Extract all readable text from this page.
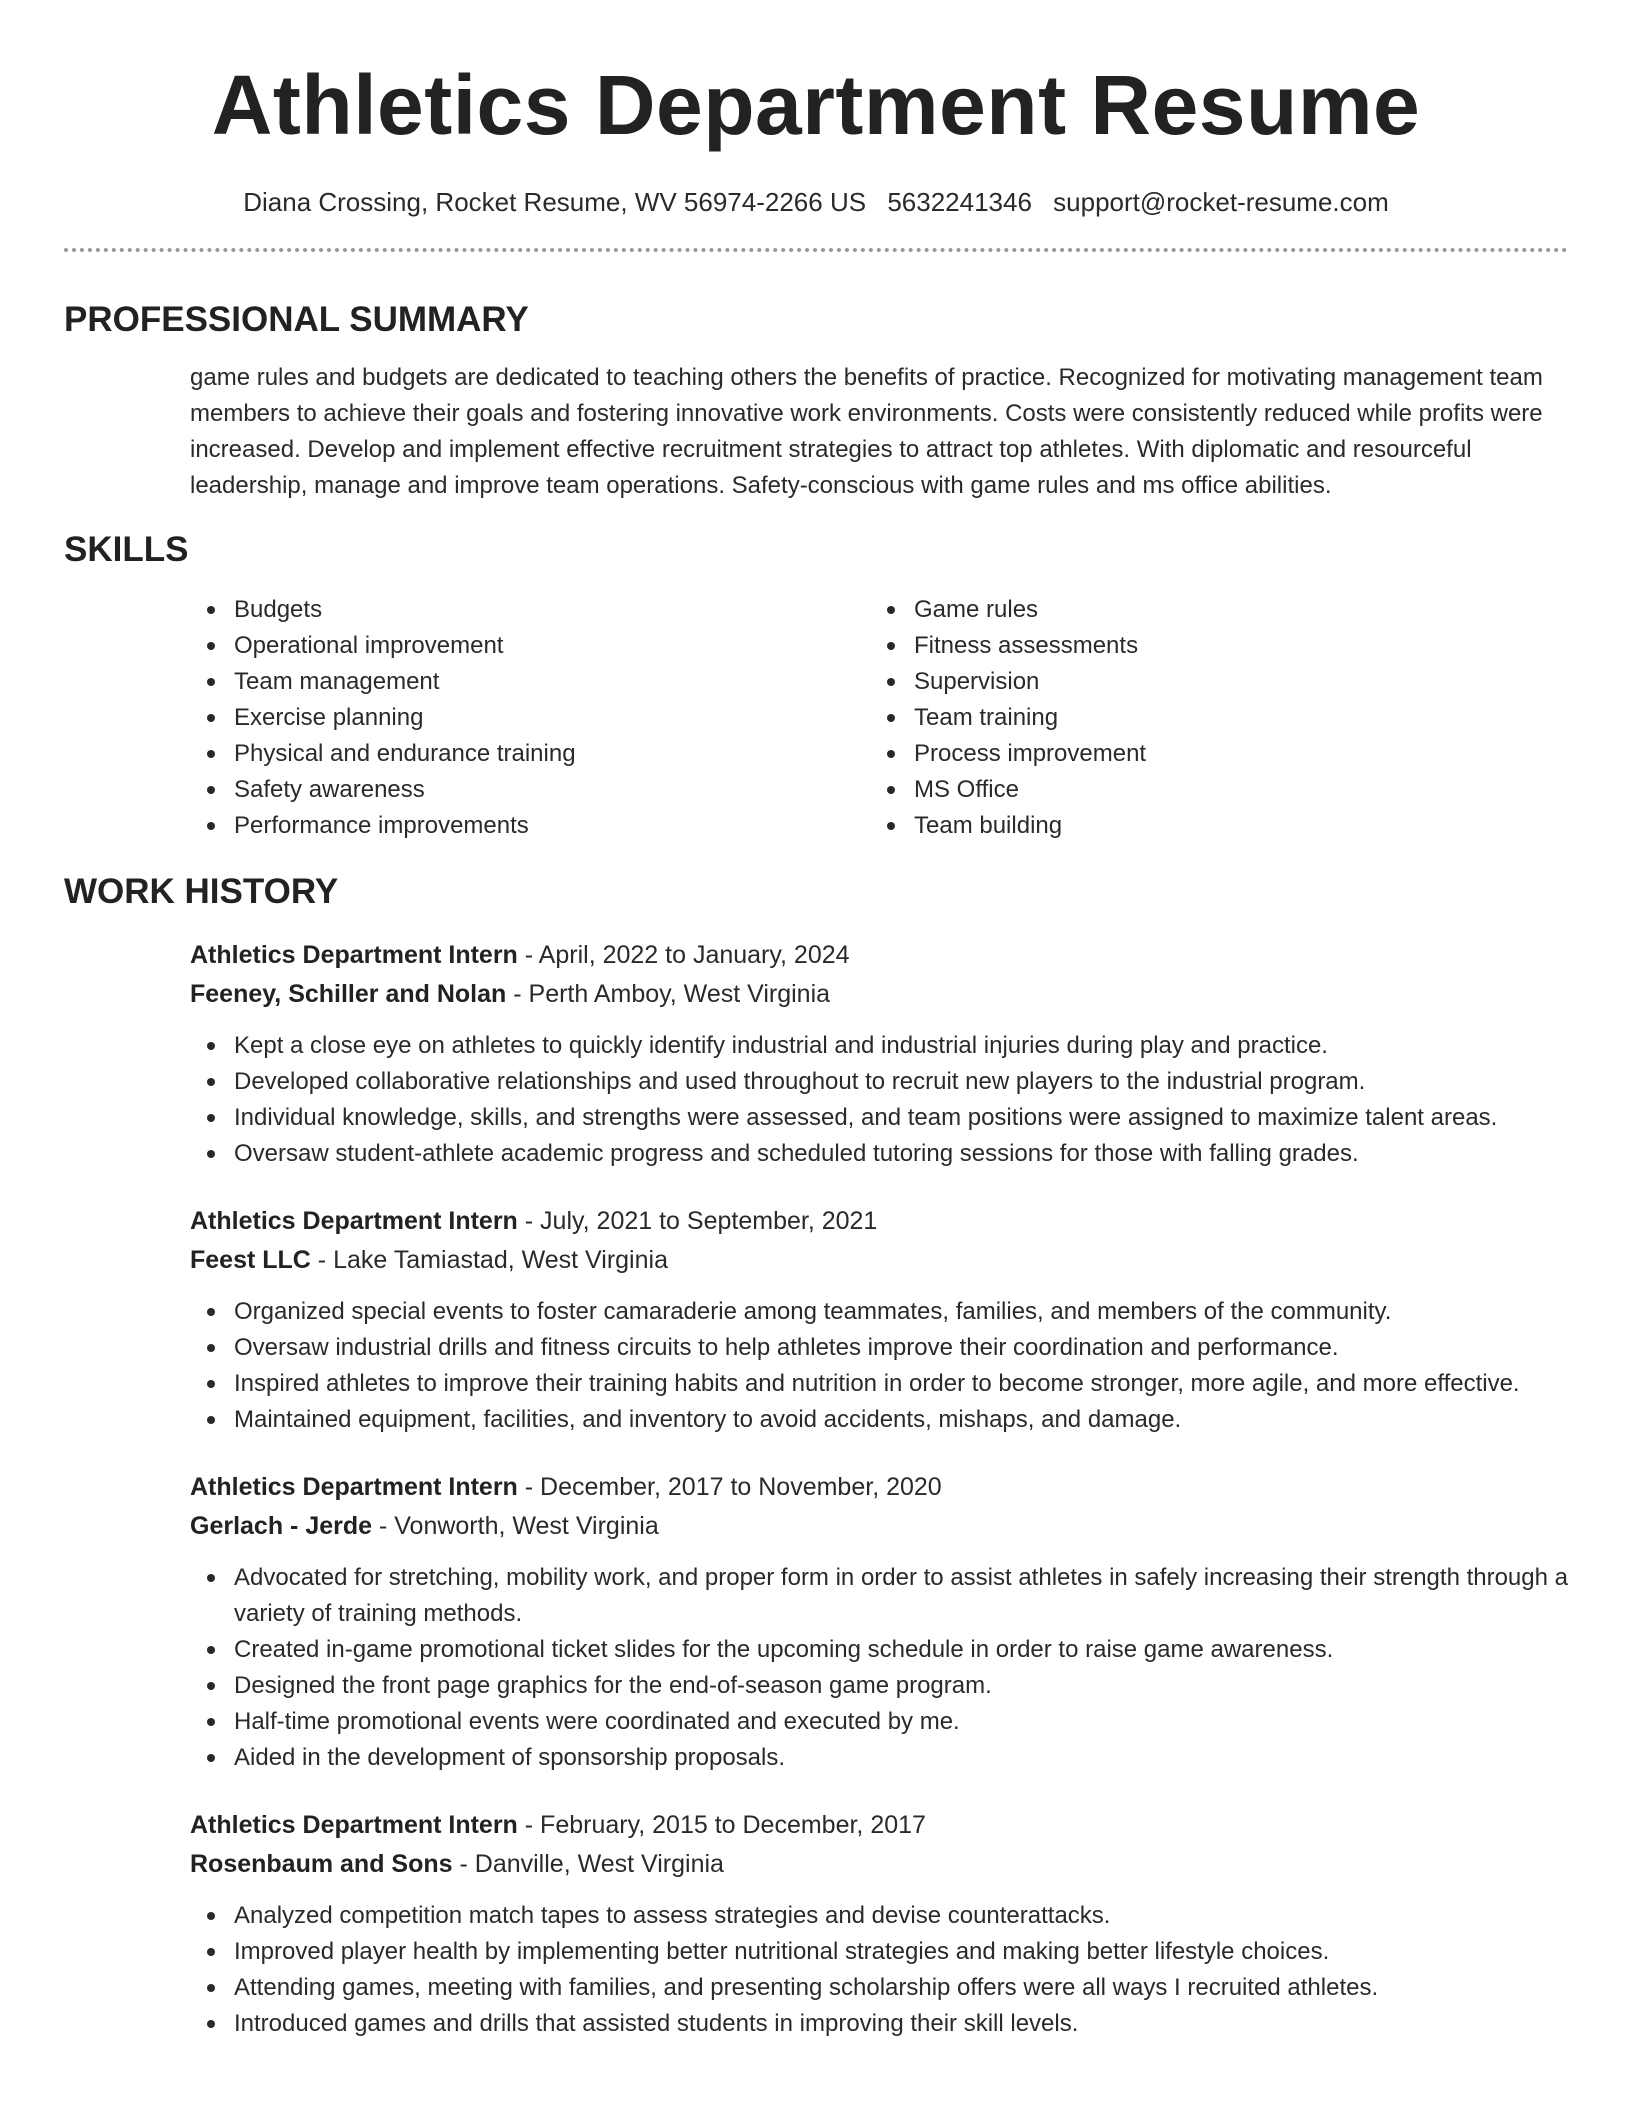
Athletics Department Resume
Diana Crossing, Rocket Resume, WV 56974-2266 US 5632241346 support@rocket-resume.com
PROFESSIONAL SUMMARY

game rules and budgets are dedicated to teaching others the benefits of practice. Recognized for motivating management team members to achieve their goals and fostering innovative work environments. Costs were consistently reduced while profits were increased. Develop and implement effective recruitment strategies to attract top athletes. With diplomatic and resourceful leadership, manage and improve team operations. Safety-conscious with game rules and ms office abilities.

SKILLS
Budgets
Operational improvement
Team management
Exercise planning
Physical and endurance training
Safety awareness
Performance improvements
Game rules
Fitness assessments
Supervision
Team training
Process improvement
MS Office
Team building
WORK HISTORY
Athletics Department Intern - April, 2022 to January, 2024
Feeney, Schiller and Nolan - Perth Amboy, West Virginia
Kept a close eye on athletes to quickly identify industrial and industrial injuries during play and practice.
Developed collaborative relationships and used throughout to recruit new players to the industrial program.
Individual knowledge, skills, and strengths were assessed, and team positions were assigned to maximize talent areas.
Oversaw student-athlete academic progress and scheduled tutoring sessions for those with falling grades.
Athletics Department Intern - July, 2021 to September, 2021
Feest LLC - Lake Tamiastad, West Virginia
Organized special events to foster camaraderie among teammates, families, and members of the community.
Oversaw industrial drills and fitness circuits to help athletes improve their coordination and performance.
Inspired athletes to improve their training habits and nutrition in order to become stronger, more agile, and more effective.
Maintained equipment, facilities, and inventory to avoid accidents, mishaps, and damage.
Athletics Department Intern - December, 2017 to November, 2020
Gerlach - Jerde - Vonworth, West Virginia
Advocated for stretching, mobility work, and proper form in order to assist athletes in safely increasing their strength through a variety of training methods.
Created in-game promotional ticket slides for the upcoming schedule in order to raise game awareness.
Designed the front page graphics for the end-of-season game program.
Half-time promotional events were coordinated and executed by me.
Aided in the development of sponsorship proposals.
Athletics Department Intern - February, 2015 to December, 2017
Rosenbaum and Sons - Danville, West Virginia
Analyzed competition match tapes to assess strategies and devise counterattacks.
Improved player health by implementing better nutritional strategies and making better lifestyle choices.
Attending games, meeting with families, and presenting scholarship offers were all ways I recruited athletes.
Introduced games and drills that assisted students in improving their skill levels.
